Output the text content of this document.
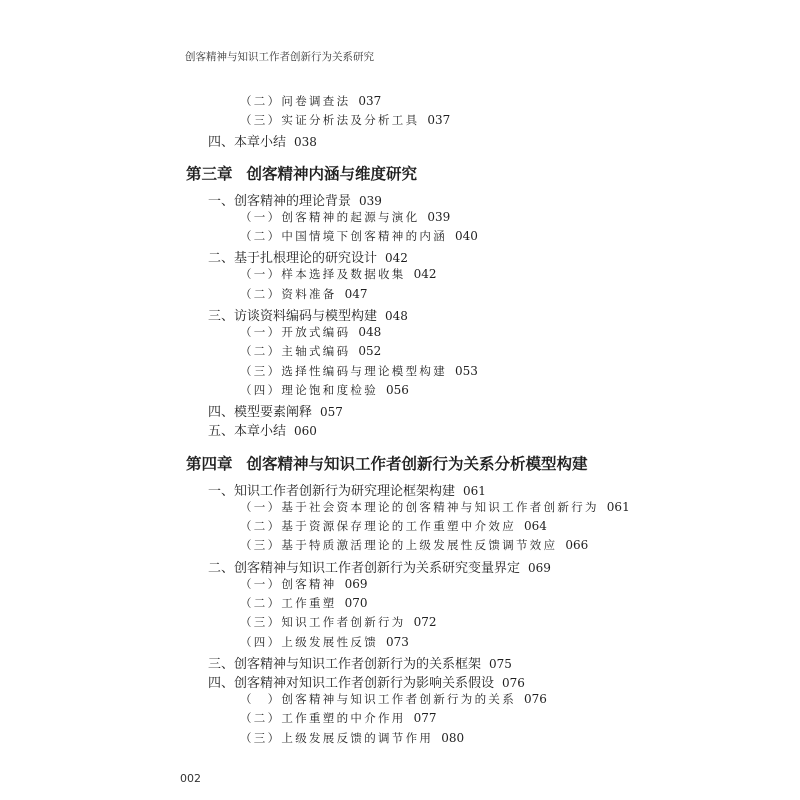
创客精神与知识工作者创新行为关系研究
（二）问卷调查法 037
（三）实证分析法及分析工具 037
四、本章小结 038
第三章 创客精神内涵与维度研究
一、创客精神的理论背景 039
（一）创客精神的起源与演化 039
（二）中国情境下创客精神的内涵 040
二、基于扎根理论的研究设计 042
（一）样本选择及数据收集 042
（二）资料准备 047
三、访谈资料编码与模型构建 048
（一）开放式编码 048
（二）主轴式编码 052
（三）选择性编码与理论模型构建 053
（四）理论饱和度检验 056
四、模型要素阐释 057
五、本章小结 060
第四章 创客精神与知识工作者创新行为关系分析模型构建
一、知识工作者创新行为研究理论框架构建 061
（一）基于社会资本理论的创客精神与知识工作者创新行为 061
（二）基于资源保存理论的工作重塑中介效应 064
（三）基于特质激活理论的上级发展性反馈调节效应 066
二、创客精神与知识工作者创新行为关系研究变量界定 069
（一）创客精神 069
（二）工作重塑 070
（三）知识工作者创新行为 072
（四）上级发展性反馈 073
三、创客精神与知识工作者创新行为的关系框架 075
四、创客精神对知识工作者创新行为影响关系假设 076
（　）创客精神与知识工作者创新行为的关系 076
（二）工作重塑的中介作用 077
（三）上级发展反馈的调节作用 080
002
